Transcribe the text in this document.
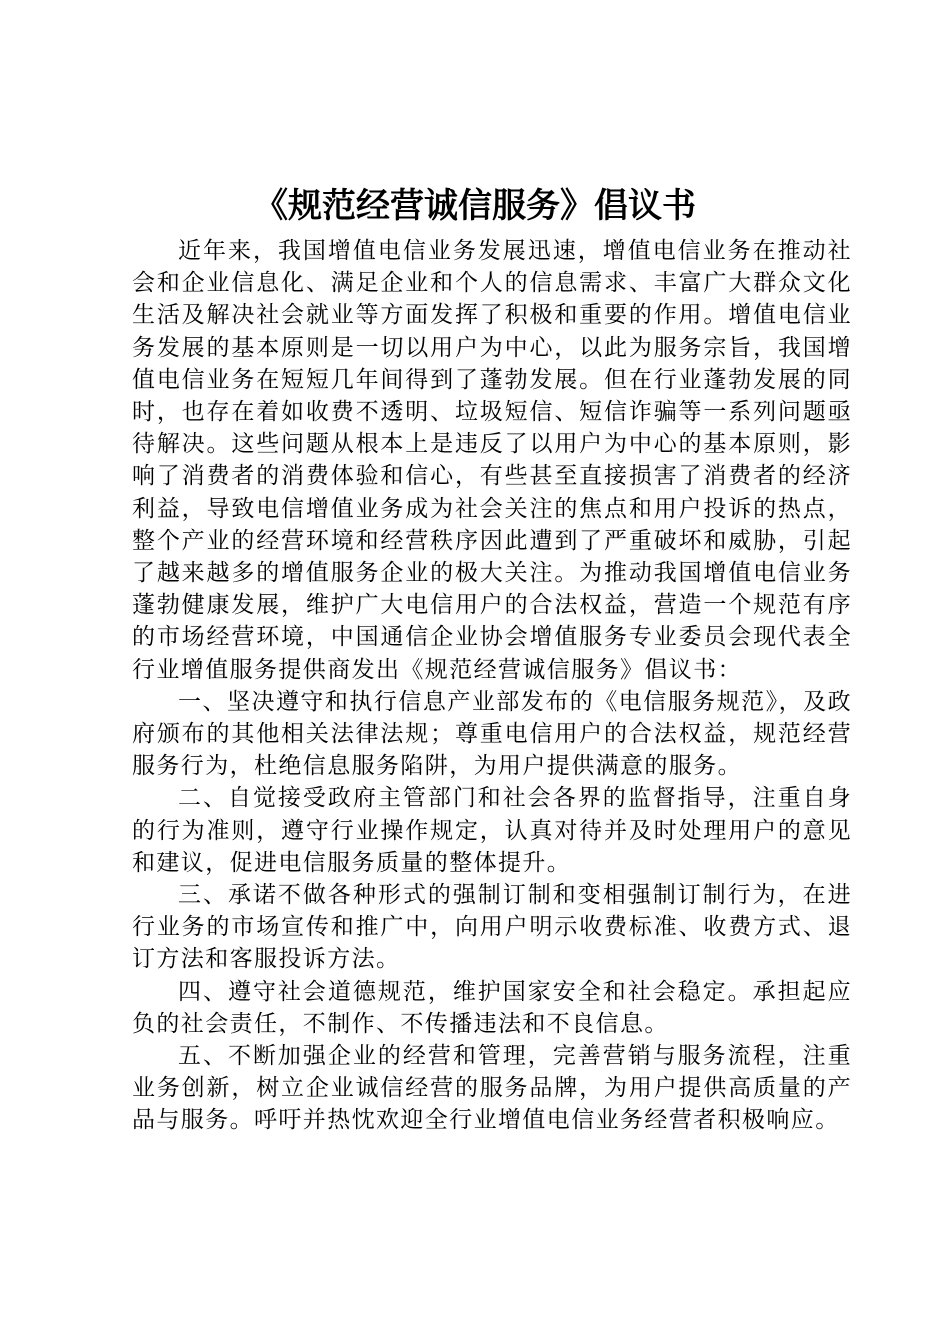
《规范经营诚信服务》倡议书

近年来，我国增值电信业务发展迅速，增值电信业务在推动社会和企业信息化、满足企业和个人的信息需求、丰富广大群众文化生活及解决社会就业等方面发挥了积极和重要的作用。增值电信业务发展的基本原则是一切以用户为中心，以此为服务宗旨，我国增值电信业务在短短几年间得到了蓬勃发展。但在行业蓬勃发展的同时，也存在着如收费不透明、垃圾短信、短信诈骗等一系列问题亟待解决。这些问题从根本上是违反了以用户为中心的基本原则，影响了消费者的消费体验和信心，有些甚至直接损害了消费者的经济利益，导致电信增值业务成为社会关注的焦点和用户投诉的热点，整个产业的经营环境和经营秩序因此遭到了严重破坏和威胁，引起了越来越多的增值服务企业的极大关注。为推动我国增值电信业务蓬勃健康发展，维护广大电信用户的合法权益，营造一个规范有序的市场经营环境，中国通信企业协会增值服务专业委员会现代表全行业增值服务提供商发出《规范经营诚信服务》倡议书：

一、坚决遵守和执行信息产业部发布的《电信服务规范》，及政府颁布的其他相关法律法规；尊重电信用户的合法权益，规范经营服务行为，杜绝信息服务陷阱，为用户提供满意的服务。

二、自觉接受政府主管部门和社会各界的监督指导，注重自身的行为准则，遵守行业操作规定，认真对待并及时处理用户的意见和建议，促进电信服务质量的整体提升。

三、承诺不做各种形式的强制订制和变相强制订制行为，在进行业务的市场宣传和推广中，向用户明示收费标准、收费方式、退订方法和客服投诉方法。

四、遵守社会道德规范，维护国家安全和社会稳定。承担起应负的社会责任，不制作、不传播违法和不良信息。

五、不断加强企业的经营和管理，完善营销与服务流程，注重业务创新，树立企业诚信经营的服务品牌，为用户提供高质量的产品与服务。呼吁并热忱欢迎全行业增值电信业务经营者积极响应。
